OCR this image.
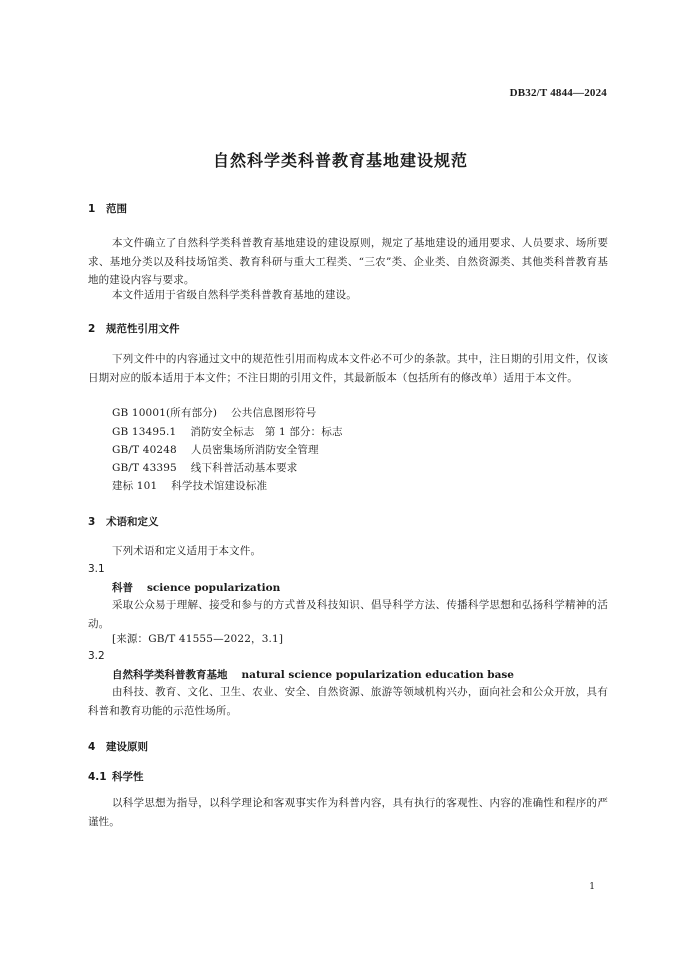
DB32/T 4844—2024
自然科学类科普教育基地建设规范
1 范围
本文件确立了自然科学类科普教育基地建设的建设原则，规定了基地建设的通用要求、人员要求、场所要求、基地分类以及科技场馆类、教育科研与重大工程类、“三农”类、企业类、自然资源类、其他类科普教育基地的建设内容与要求。
本文件适用于省级自然科学类科普教育基地的建设。
2 规范性引用文件
下列文件中的内容通过文中的规范性引用而构成本文件必不可少的条款。其中，注日期的引用文件，仅该日期对应的版本适用于本文件；不注日期的引用文件，其最新版本（包括所有的修改单）适用于本文件。
GB 10001(所有部分) 公共信息图形符号
GB 13495.1 消防安全标志　第 1 部分：标志
GB/T 40248 人员密集场所消防安全管理
GB/T 43395 线下科普活动基本要求
建标 101 科学技术馆建设标准
3 术语和定义
下列术语和定义适用于本文件。
3.1
科普 science popularization
采取公众易于理解、接受和参与的方式普及科技知识、倡导科学方法、传播科学思想和弘扬科学精神的活动。
[来源：GB/T 41555—2022，3.1]
3.2
自然科学类科普教育基地 natural science popularization education base
由科技、教育、文化、卫生、农业、安全、自然资源、旅游等领域机构兴办，面向社会和公众开放，具有科普和教育功能的示范性场所。
4 建设原则
4.1 科学性
以科学思想为指导，以科学理论和客观事实作为科普内容，具有执行的客观性、内容的准确性和程序的严谨性。
1
